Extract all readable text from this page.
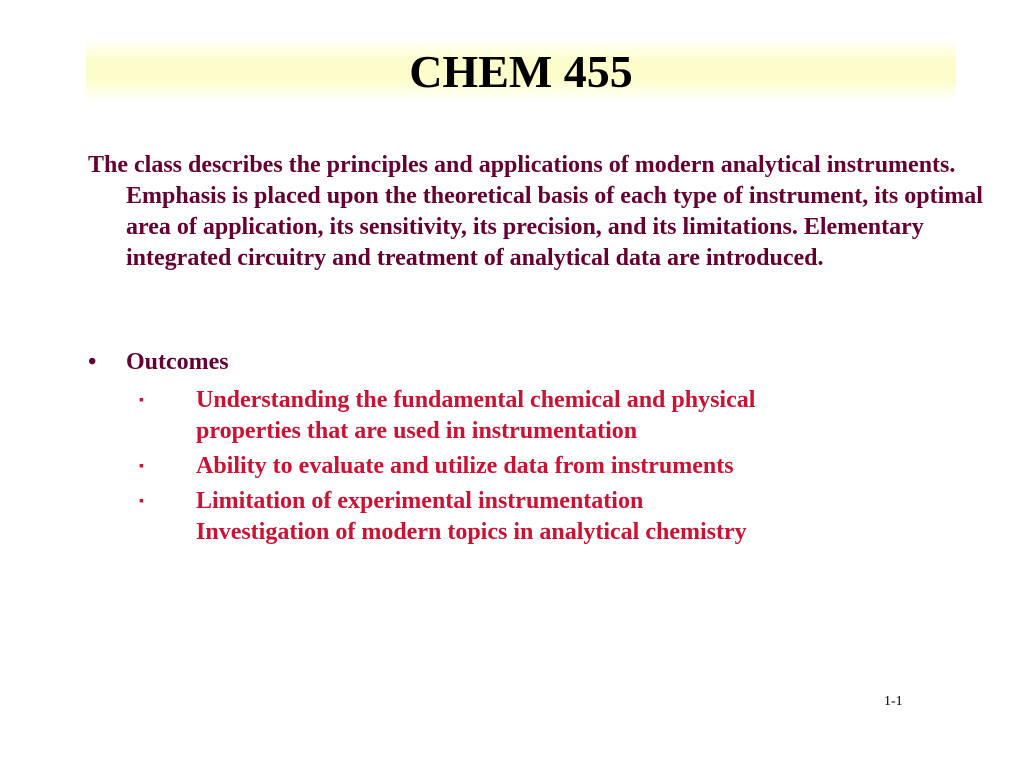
CHEM 455
The class describes the principles and applications of modern analytical instruments. Emphasis is placed upon the theoretical basis of each type of instrument, its optimal area of application, its sensitivity, its precision, and its limitations. Elementary integrated circuitry and treatment of analytical data are introduced.
•	Outcomes
▪	Understanding the fundamental chemical and physical
properties that are used in instrumentation
▪	Ability to evaluate and utilize data from instruments
▪	Limitation of experimental instrumentation
Investigation of modern topics in analytical chemistry
1-1
